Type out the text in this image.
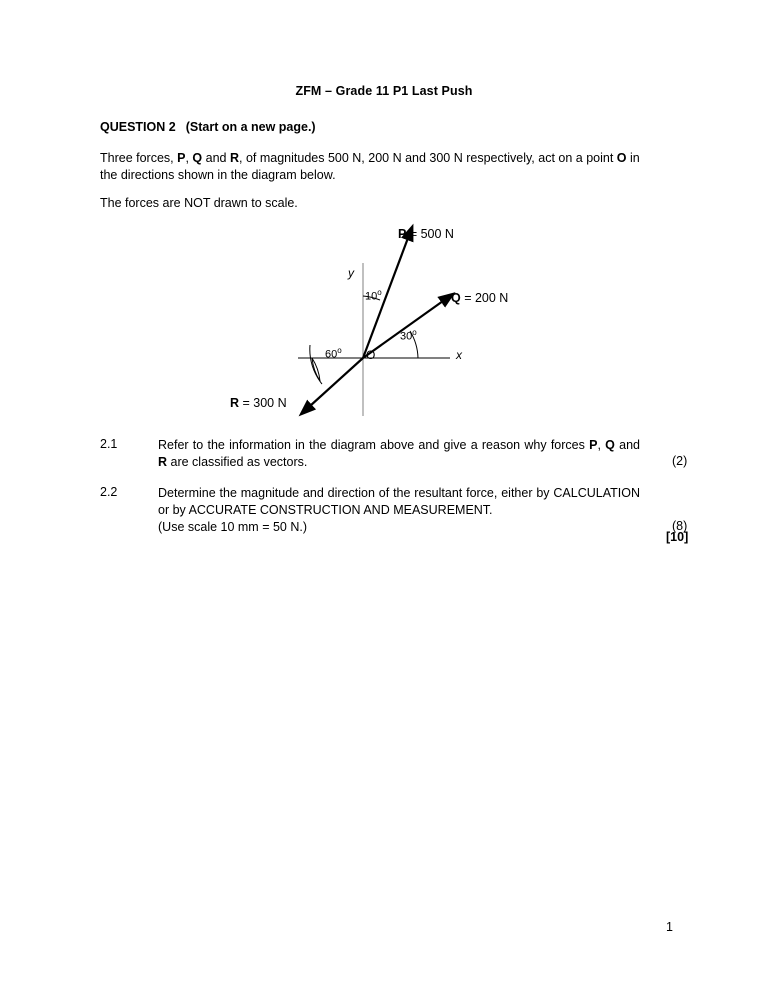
ZFM – Grade 11 P1 Last Push
QUESTION 2 (Start on a new page.)
Three forces, P, Q and R, of magnitudes 500 N, 200 N and 300 N respectively, act on a point O in the directions shown in the diagram below.
The forces are NOT drawn to scale.
P = 500 N
Q = 200 N
R = 300 N
10$^o$
30$^o$
60$^o$ O	x
y
2.1	Refer to the information in the diagram above and give a reason why forces P, Q and R are classified as vectors.	(2)
2.2	Determine the magnitude and direction of the resultant force, either by CALCULATION or by ACCURATE CONSTRUCTION AND MEASUREMENT.
(Use scale 10 mm = 50 N.)	(8)
[10]
1
